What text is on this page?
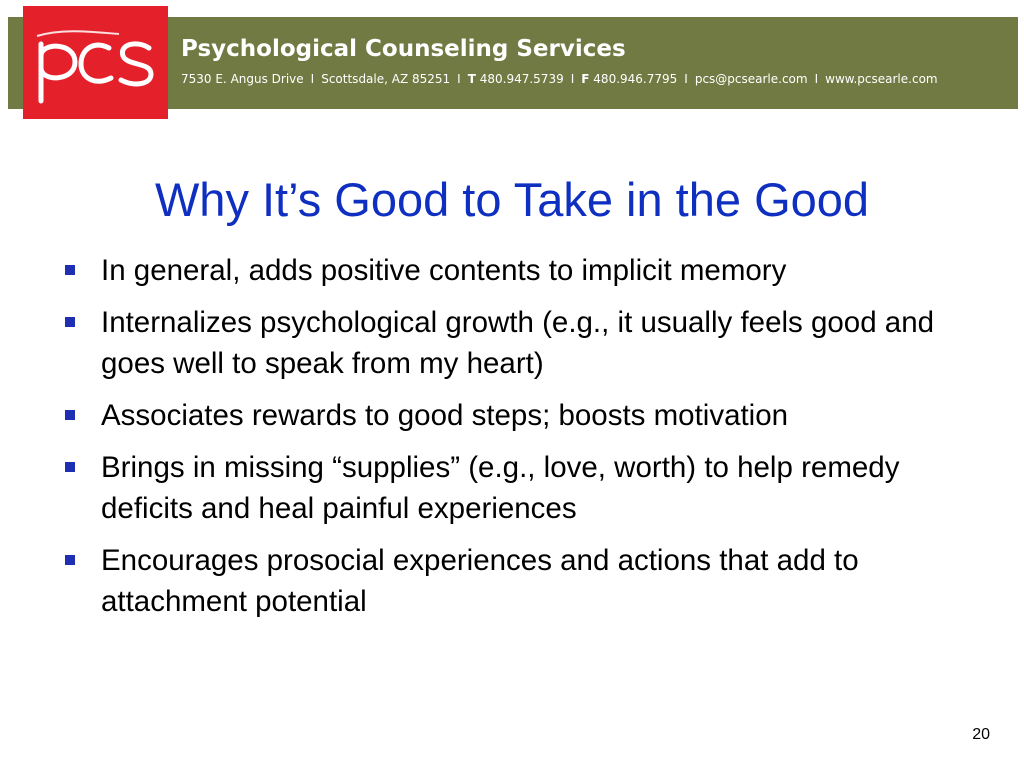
Psychological Counseling Services
7530 E. Angus Drive I Scottsdale, AZ 85251 I T 480.947.5739 I F 480.946.7795 I pcs@pcsearle.com I www.pcsearle.com
Why It’s Good to Take in the Good
In general, adds positive contents to implicit memory
Internalizes psychological growth (e.g., it usually feels good and goes well to speak from my heart)
Associates rewards to good steps; boosts motivation
Brings in missing “supplies” (e.g., love, worth) to help remedy deficits and heal painful experiences
Encourages prosocial experiences and actions that add to attachment potential
20
